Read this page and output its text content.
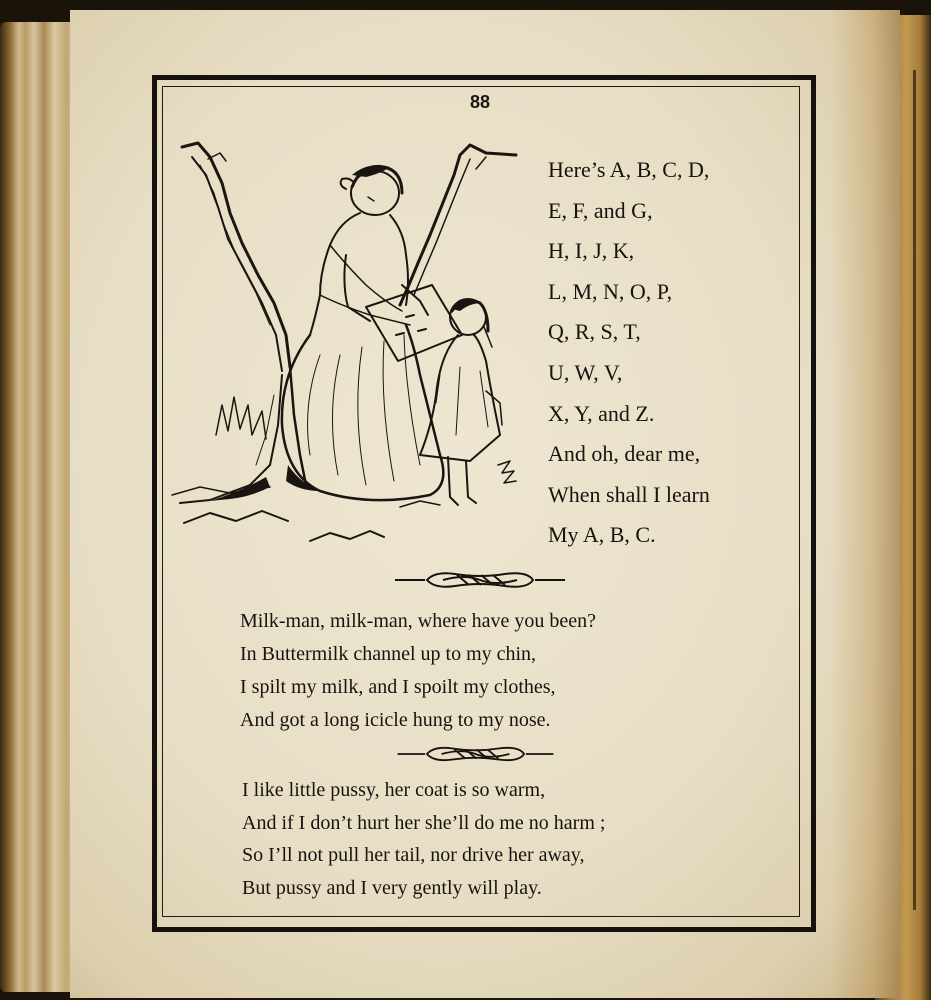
88
Here’s A, B, C, D,
E, F, and G,
H, I, J, K,
L, M, N, O, P,
Q, R, S, T,
U, W, V,
X, Y, and Z.
And oh, dear me,
When shall I learn
My A, B, C.
Milk-man, milk-man, where have you been?
In Buttermilk channel up to my chin,
I spilt my milk, and I spoilt my clothes,
And got a long icicle hung to my nose.
I like little pussy, her coat is so warm,
And if I don’t hurt her she’ll do me no harm ;
So I’ll not pull her tail, nor drive her away,
But pussy and I very gently will play.
